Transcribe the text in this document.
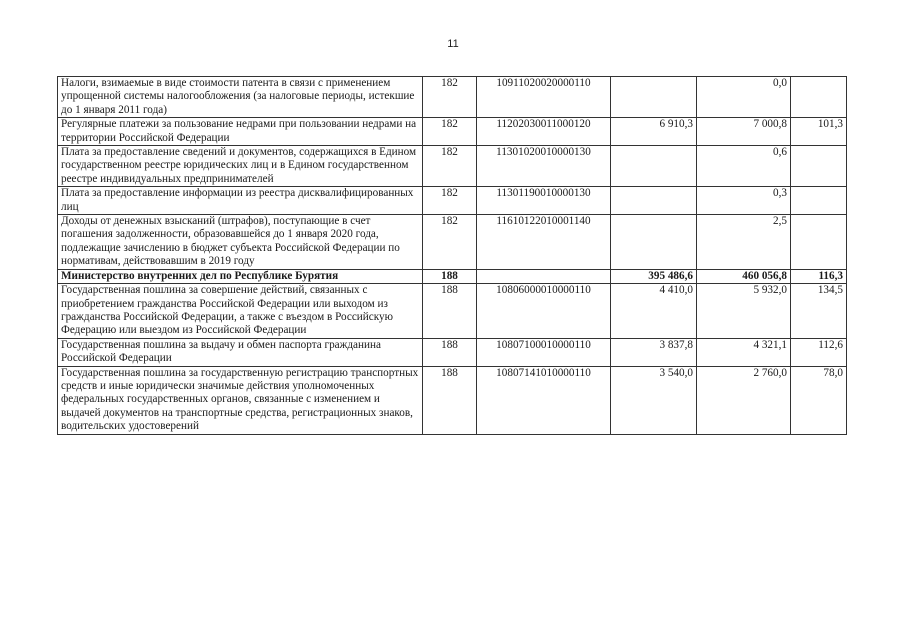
11
Налоги, взимаемые в виде стоимости патента в связи с применением упрощенной системы налогообложения (за налоговые периоды, истекшие до 1 января 2011 года)	182	10911020020000110		0,0	
Регулярные платежи за пользование недрами при пользовании недрами на территории Российской Федерации	182	11202030011000120	6 910,3	7 000,8	101,3
Плата за предоставление сведений и документов, содержащихся в Едином государственном реестре юридических лиц и в Едином государственном реестре индивидуальных предпринимателей	182	11301020010000130		0,6	
Плата за предоставление информации из реестра дисквалифицированных лиц	182	11301190010000130		0,3	
Доходы от денежных взысканий (штрафов), поступающие в счет погашения задолженности, образовавшейся до 1 января 2020 года, подлежащие зачислению в бюджет субъекта Российской Федерации по нормативам, действовавшим в 2019 году	182	11610122010001140		2,5	
Министерство внутренних дел по Республике Бурятия	188		395 486,6	460 056,8	116,3
Государственная пошлина за совершение действий, связанных с приобретением гражданства Российской Федерации или выходом из гражданства Российской Федерации, а также с въездом в Российскую Федерацию или выездом из Российской Федерации	188	10806000010000110	4 410,0	5 932,0	134,5
Государственная пошлина за выдачу и обмен паспорта гражданина Российской Федерации	188	10807100010000110	3 837,8	4 321,1	112,6
Государственная пошлина за государственную регистрацию транспортных средств и иные юридически значимые действия уполномоченных федеральных государственных органов, связанные с изменением и выдачей документов на транспортные средства, регистрационных знаков, водительских удостоверений	188	10807141010000110	3 540,0	2 760,0	78,0
